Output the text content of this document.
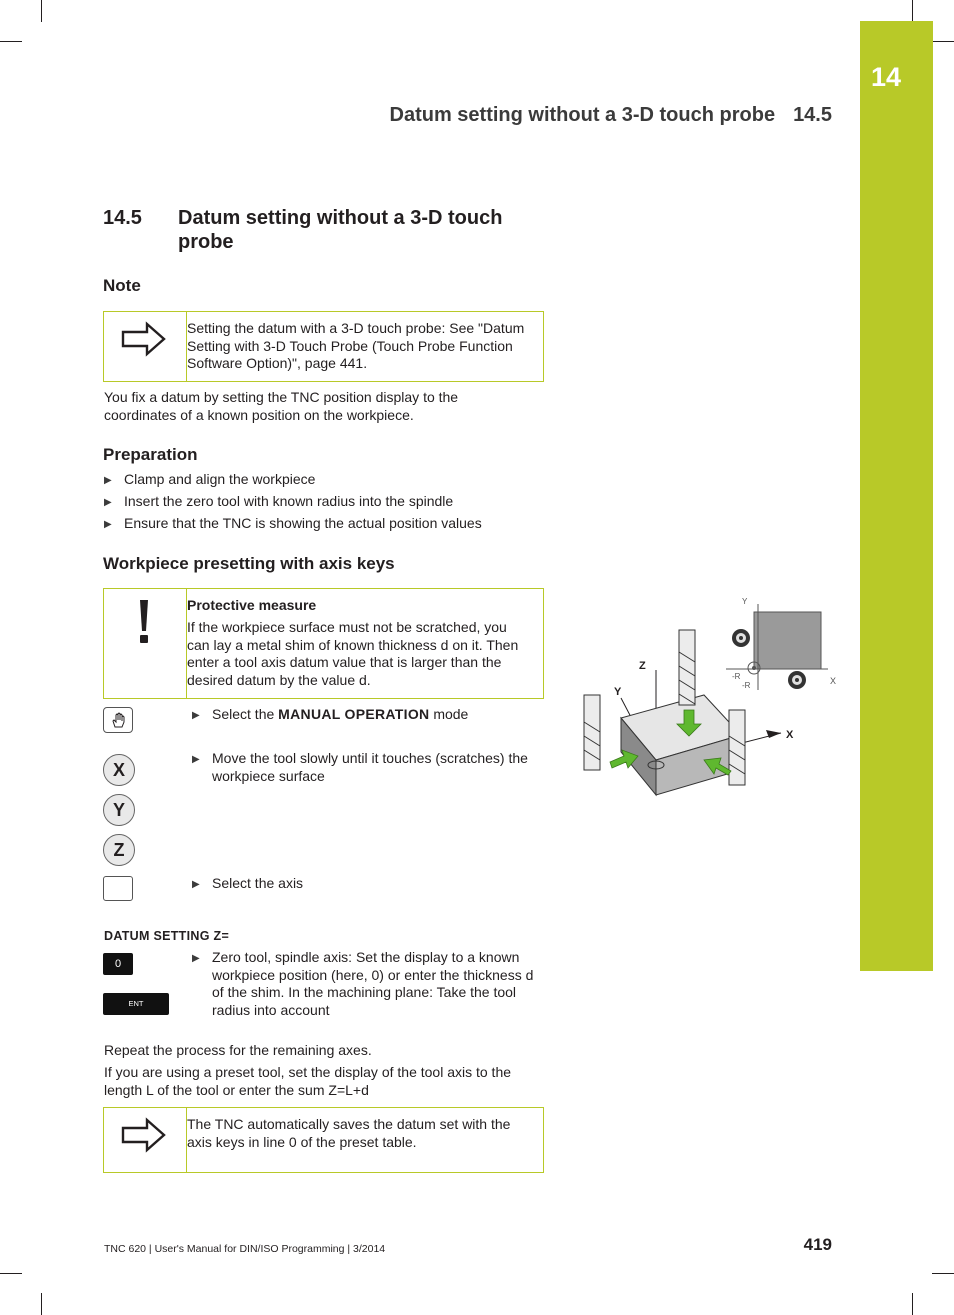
14
Datum setting without a 3-D touch probe 14.5
14.5 Datum setting without a 3-D touch probe
Note
Setting the datum with a 3-D touch probe: See "Datum Setting with 3-D Touch Probe (Touch Probe Function Software Option)", page 441.
You fix a datum by setting the TNC position display to the coordinates of a known position on the workpiece.
Preparation
▶ Clamp and align the workpiece
▶ Insert the zero tool with known radius into the spindle
▶ Ensure that the TNC is showing the actual position values
Workpiece presetting with axis keys
Protective measure
If the workpiece surface must not be scratched, you can lay a metal shim of known thickness d on it. Then enter a tool axis datum value that is larger than the desired datum by the value d.
▶ Select the MANUAL OPERATION mode
X
Y
Z
▶ Move the tool slowly until it touches (scratches) the workpiece surface
▶ Select the axis
DATUM SETTING Z=
0
ENT
▶ Zero tool, spindle axis: Set the display to a known workpiece position (here, 0) or enter the thickness d of the shim. In the machining plane: Take the tool radius into account
Repeat the process for the remaining axes.
If you are using a preset tool, set the display of the tool axis to the length L of the tool or enter the sum Z=L+d
The TNC automatically saves the datum set with the axis keys in line 0 of the preset table.
Y
X
-R
-R
Z
Y
X
TNC 620 | User's Manual for DIN/ISO Programming | 3/2014	419
